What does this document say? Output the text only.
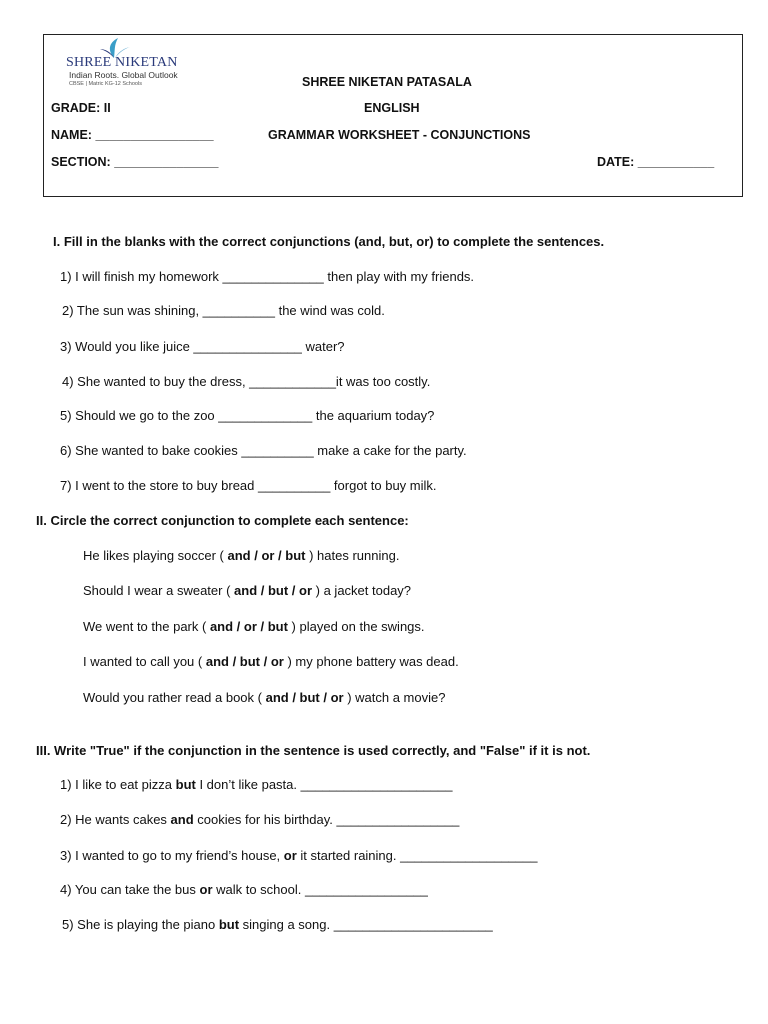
SHREE NIKETAN
Indian Roots. Global Outlook
CBSE | Matric KG-12 Schools	SHREE NIKETAN PATASALA
GRADE: II	ENGLISH
NAME: _________________	GRAMMAR WORKSHEET - CONJUNCTIONS
SECTION: _______________	DATE: ___________
I. Fill in the blanks with the correct conjunctions (and, but, or) to complete the sentences.
1) I will finish my homework ______________ then play with my friends.
2) The sun was shining, __________ the wind was cold.
3) Would you like juice _______________ water?
4) She wanted to buy the dress, ____________it was too costly.
5) Should we go to the zoo _____________ the aquarium today?
6) She wanted to bake cookies __________ make a cake for the party.
7) I went to the store to buy bread __________ forgot to buy milk.
II. Circle the correct conjunction to complete each sentence:
He likes playing soccer ( and / or / but ) hates running.
Should I wear a sweater ( and / but / or ) a jacket today?
We went to the park ( and / or / but ) played on the swings.
I wanted to call you ( and / but / or ) my phone battery was dead.
Would you rather read a book ( and / but / or ) watch a movie?
III. Write "True" if the conjunction in the sentence is used correctly, and "False" if it is not.
1) I like to eat pizza but I don’t like pasta. _____________________
2) He wants cakes and cookies for his birthday. _________________
3) I wanted to go to my friend’s house, or it started raining. ___________________
4) You can take the bus or walk to school. _________________
5) She is playing the piano but singing a song. ______________________
